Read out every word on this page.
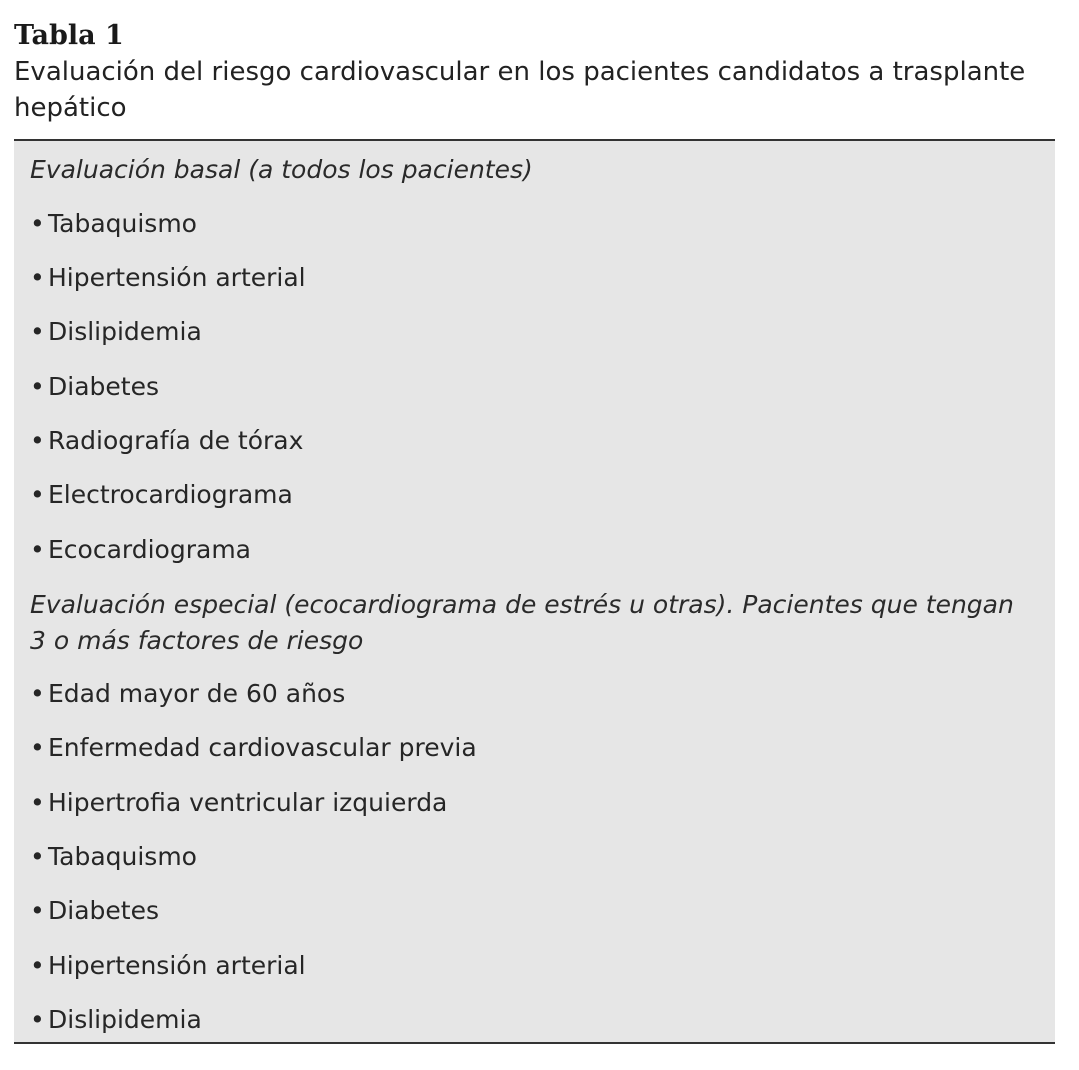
Tabla 1
Evaluación del riesgo cardiovascular en los pacientes candidatos a trasplante hepático
Evaluación basal (a todos los pacientes)
• Tabaquismo
• Hipertensión arterial
• Dislipidemia
• Diabetes
• Radiografía de tórax
• Electrocardiograma
• Ecocardiograma
Evaluación especial (ecocardiograma de estrés u otras). Pacientes que tengan 3 o más factores de riesgo
• Edad mayor de 60 años
• Enfermedad cardiovascular previa
• Hipertrofia ventricular izquierda
• Tabaquismo
• Diabetes
• Hipertensión arterial
• Dislipidemia
